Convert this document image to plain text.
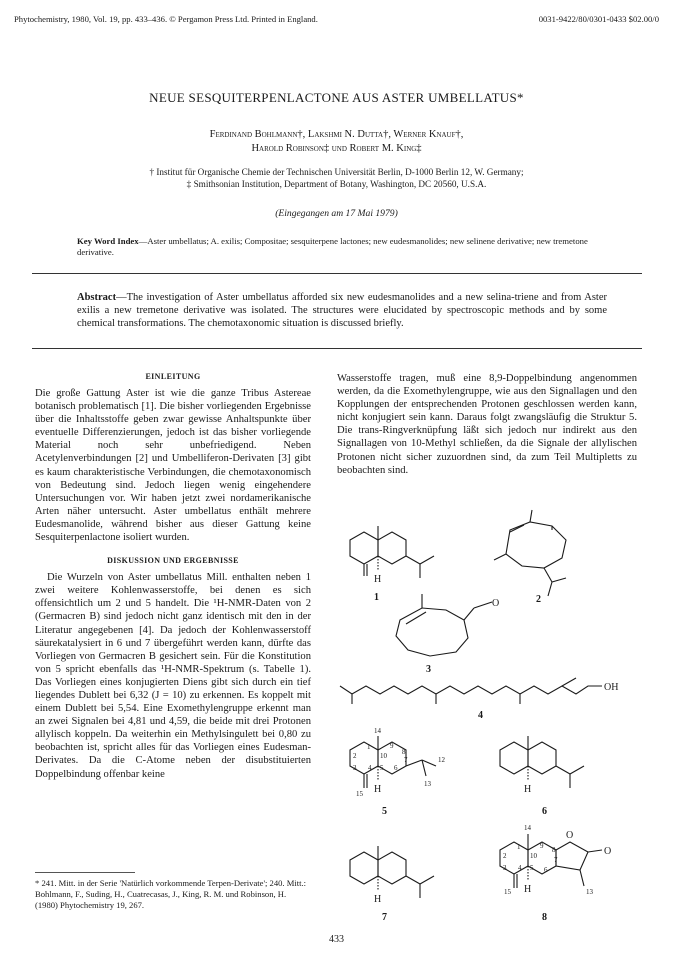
Phytochemistry, 1980, Vol. 19, pp. 433–436. © Pergamon Press Ltd. Printed in England.	0031-9422/80/0301-0433 $02.00/0
NEUE SESQUITERPENLACTONE AUS ASTER UMBELLATUS*
Ferdinand Bohlmann†, Lakshmi N. Dutta†, Werner Knauf†,
Harold Robinson‡ und Robert M. King‡
† Institut für Organische Chemie der Technischen Universität Berlin, D-1000 Berlin 12, W. Germany;
‡ Smithsonian Institution, Department of Botany, Washington, DC 20560, U.S.A.
(Eingegangen am 17 Mai 1979)
Key Word Index—Aster umbellatus; A. exilis; Compositae; sesquiterpene lactones; new eudesmanolides; new selinene derivative; new tremetone derivative.
Abstract—The investigation of Aster umbellatus afforded six new eudesmanolides and a new selina-triene and from Aster exilis a new tremetone derivative was isolated. The structures were elucidated by spectroscopic methods and by some chemical transformations. The chemotaxonomic situation is discussed briefly.
EINLEITUNG
Die große Gattung Aster ist wie die ganze Tribus Astereae botanisch problematisch [1]. Die bisher vorliegenden Ergebnisse über die Inhaltsstoffe geben zwar gewisse Anhaltspunkte über eventuelle Differenzierungen, jedoch ist das bisher vorliegende Material noch sehr unbefriedigend. Neben Acetylenverbindungen [2] und Umbelliferon-Derivaten [3] gibt es kaum charakteristische Verbindungen, die chemotaxonomisch von Bedeutung sind. Jedoch liegen wenig eingehendere Untersuchungen vor. Wir haben jetzt zwei nordamerikanische Arten näher untersucht. Aster umbellatus enthält mehrere Eudesmanolide, während bisher aus dieser Gattung keine Sesquiterpenlactone isoliert wurden.
DISKUSSION UND ERGEBNISSE
Die Wurzeln von Aster umbellatus Mill. enthalten neben 1 zwei weitere Kohlenwasserstoffe, bei denen es sich offensichtlich um 2 und 5 handelt. Die ¹H-NMR-Daten von 2 (Germacren B) sind jedoch nicht ganz identisch mit den in der Literatur angegebenen [4]. Da jedoch der Kohlenwasserstoff säurekatalysiert in 6 und 7 übergeführt werden kann, dürfte das Vorliegen von Germacren B gesichert sein. Für die Konstitution von 5 spricht ebenfalls das ¹H-NMR-Spektrum (s. Tabelle 1). Das Vorliegen eines konjugierten Diens gibt sich durch ein tief liegendes Dublett bei 6,32 (J = 10) zu erkennen. Es koppelt mit einem Dublett bei 5,54. Eine Exomethylengruppe erkennt man an zwei Signalen bei 4,81 und 4,59, die beide mit drei Protonen allylisch koppeln. Da weiterhin ein Methylsingulett bei 0,80 zu beobachten ist, spricht alles für das Vorliegen eines Eudesman-Derivates. Da die C-Atome neben der disubstituierten Doppelbindung offenbar keine
* 241. Mitt. in der Serie 'Natürlich vorkommende Terpen-Derivate'; 240. Mitt.: Bohlmann, F., Suding, H., Cuatrecasas, J., King, R. M. und Robinson, H. (1980) Phytochemistry 19, 267.
Wasserstoffe tragen, muß eine 8,9-Doppelbindung angenommen werden, da die Exomethylengruppe, wie aus den Signallagen und den Kopplungen der entsprechenden Protonen geschlossen werden kann, nicht konjugiert sein kann. Daraus folgt zwangsläufig die Struktur 5. Die trans-Ringverknüpfung läßt sich jedoch nur indirekt aus den Signallagen von 10-Methyl schließen, da die Signale der allylischen Protonen nicht sicher zuzuordnen sind, da zum Teil Multipletts zu beobachten sind.
H
O
OH
H	H
H
H
O
O
14
1
2
3 4 5 6
7
9
10 8
12
15
13
14
1
2
3 4 5 6
7
8
9
10
15	13
1	2
3
4
5	6
7	8
433
